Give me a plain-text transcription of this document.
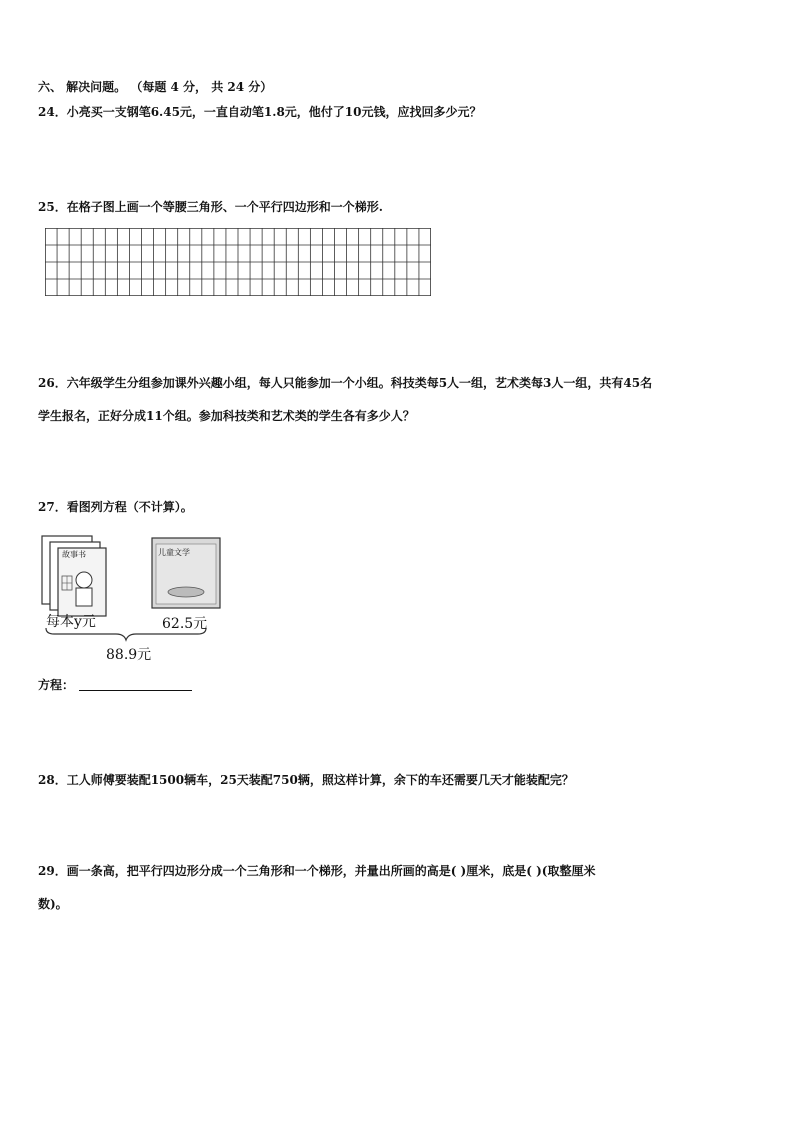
六、 解决问题。 （每题 4 分， 共 24 分）
24．小亮买一支钢笔6.45元，一直自动笔1.8元，他付了10元钱，应找回多少元？
25．在格子图上画一个等腰三角形、一个平行四边形和一个梯形.
26．六年级学生分组参加课外兴趣小组，每人只能参加一个小组。科技类每5人一组，艺术类每3人一组，共有45名
学生报名，正好分成11个组。参加科技类和艺术类的学生各有多少人？
27．看图列方程（不计算）。
故事书	儿童文学
每本y元	62.5元
88.9元
方程：
28．工人师傅要装配1500辆车，25天装配750辆，照这样计算，余下的车还需要几天才能装配完？
29．画一条高，把平行四边形分成一个三角形和一个梯形，并量出所画的高是( )厘米，底是( )(取整厘米
数)。
